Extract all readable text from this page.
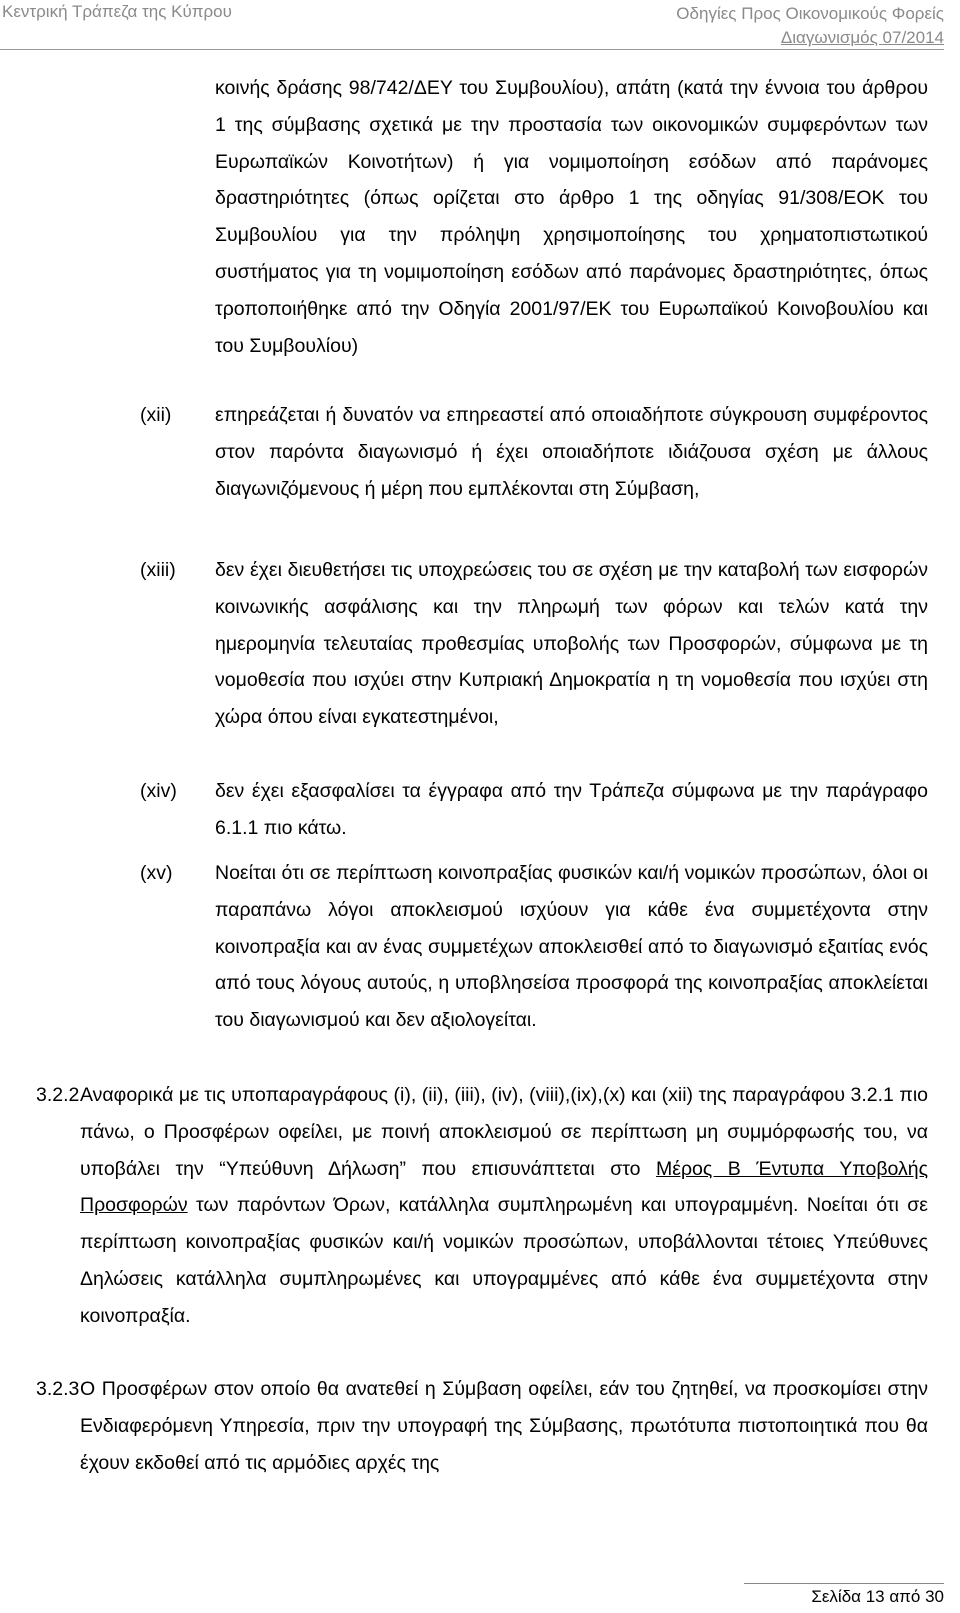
Κεντρική Τράπεζα της Κύπρου	Οδηγίες Προς Οικονομικούς Φορείς
Διαγωνισμός 07/2014
κοινής δράσης 98/742/ΔΕΥ του Συμβουλίου), απάτη (κατά την έννοια του άρθρου 1 της σύμβασης σχετικά με την προστασία των οικονομικών συμφερόντων των Ευρωπαϊκών Κοινοτήτων) ή για νομιμοποίηση εσόδων από παράνομες δραστηριότητες (όπως ορίζεται στο άρθρο 1 της οδηγίας 91/308/ΕΟΚ του Συμβουλίου για την πρόληψη χρησιμοποίησης του χρηματοπιστωτικού συστήματος για τη νομιμοποίηση εσόδων από παράνομες δραστηριότητες, όπως τροποποιήθηκε από την Οδηγία 2001/97/ΕΚ του Ευρωπαϊκού Κοινοβουλίου και του Συμβουλίου)
(xii) επηρεάζεται ή δυνατόν να επηρεαστεί από οποιαδήποτε σύγκρουση συμφέροντος στον παρόντα διαγωνισμό ή έχει οποιαδήποτε ιδιάζουσα σχέση με άλλους διαγωνιζόμενους ή μέρη που εμπλέκονται στη Σύμβαση,
(xiii) δεν έχει διευθετήσει τις υποχρεώσεις του σε σχέση με την καταβολή των εισφορών κοινωνικής ασφάλισης και την πληρωμή των φόρων και τελών κατά την ημερομηνία τελευταίας προθεσμίας υποβολής των Προσφορών, σύμφωνα με τη νομοθεσία που ισχύει στην Κυπριακή Δημοκρατία η τη νομοθεσία που ισχύει στη χώρα όπου είναι εγκατεστημένοι,
(xiv) δεν έχει εξασφαλίσει τα έγγραφα από την Τράπεζα σύμφωνα με την παράγραφο 6.1.1 πιο κάτω.
(xv) Νοείται ότι σε περίπτωση κοινοπραξίας φυσικών και/ή νομικών προσώπων, όλοι οι παραπάνω λόγοι αποκλεισμού ισχύουν για κάθε ένα συμμετέχοντα στην κοινοπραξία και αν ένας συμμετέχων αποκλεισθεί από το διαγωνισμό εξαιτίας ενός από τους λόγους αυτούς, η υποβλησείσα προσφορά της κοινοπραξίας αποκλείεται του διαγωνισμού και δεν αξιολογείται.
3.2.2 Αναφορικά με τις υποπαραγράφους (i), (ii), (iii), (iv), (viii),(ix),(x) και (xii) της παραγράφου 3.2.1 πιο πάνω, ο Προσφέρων οφείλει, με ποινή αποκλεισμού σε περίπτωση μη συμμόρφωσής του, να υποβάλει την “Υπεύθυνη Δήλωση” που επισυνάπτεται στο Μέρος Β Έντυπα Υποβολής Προσφορών των παρόντων Όρων, κατάλληλα συμπληρωμένη και υπογραμμένη. Νοείται ότι σε περίπτωση κοινοπραξίας φυσικών και/ή νομικών προσώπων, υποβάλλονται τέτοιες Υπεύθυνες Δηλώσεις κατάλληλα συμπληρωμένες και υπογραμμένες από κάθε ένα συμμετέχοντα στην κοινοπραξία.
3.2.3 Ο Προσφέρων στον οποίο θα ανατεθεί η Σύμβαση οφείλει, εάν του ζητηθεί, να προσκομίσει στην Ενδιαφερόμενη Υπηρεσία, πριν την υπογραφή της Σύμβασης, πρωτότυπα πιστοποιητικά που θα έχουν εκδοθεί από τις αρμόδιες αρχές της
Σελίδα 13 από 30
